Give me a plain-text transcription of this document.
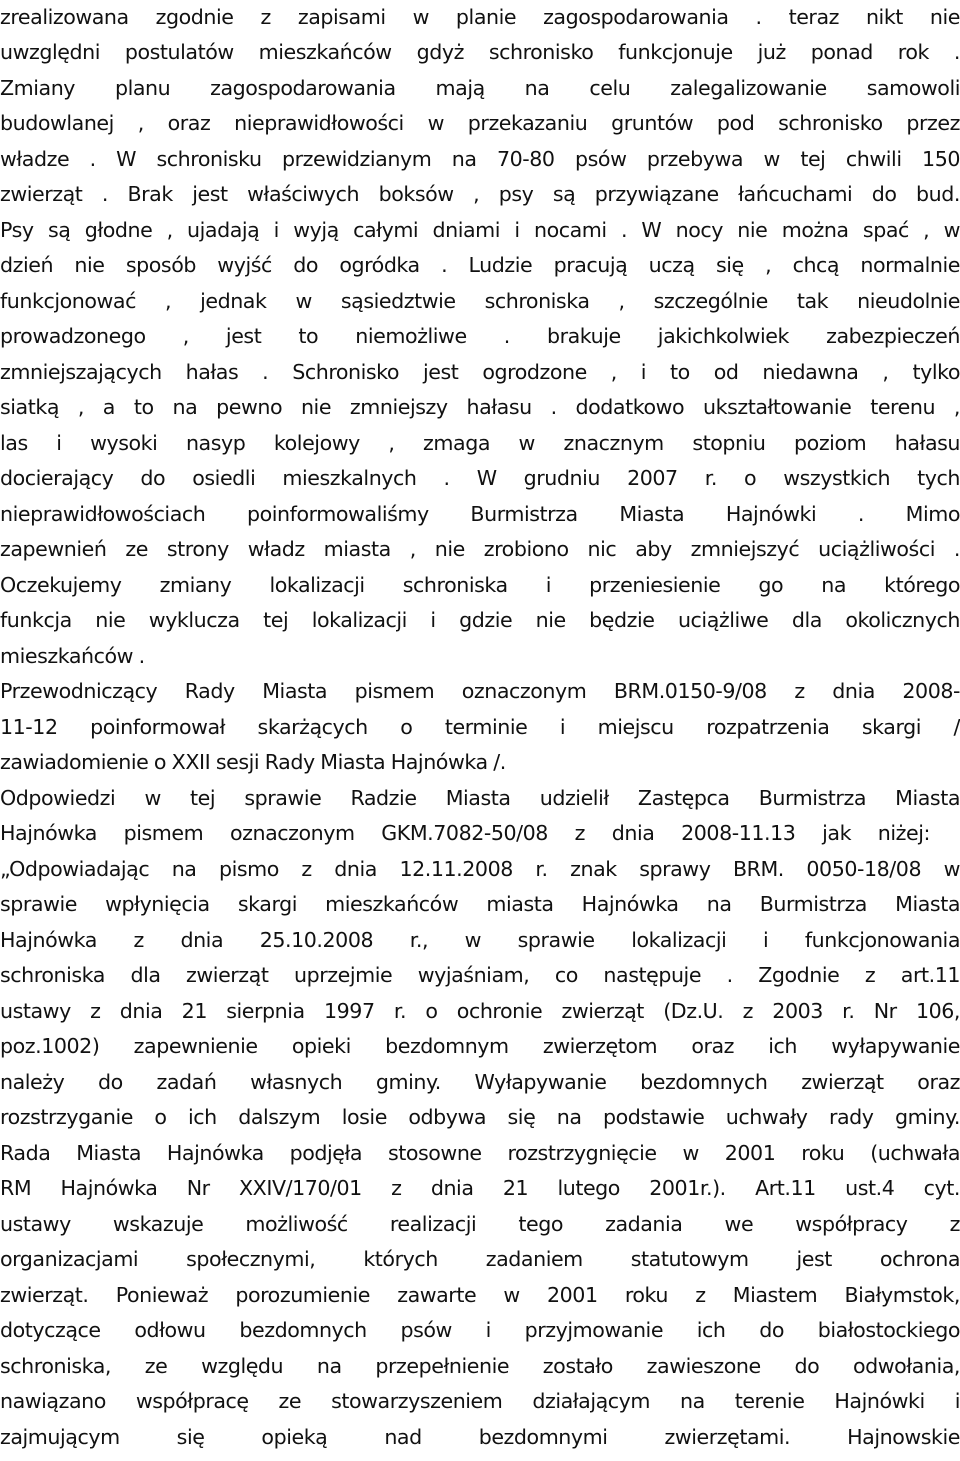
zrealizowana zgodnie z zapisami w planie zagospodarowania . teraz nikt nie
uwzględni postulatów mieszkańców gdyż schronisko funkcjonuje już ponad rok .
Zmiany planu zagospodarowania mają na celu zalegalizowanie samowoli
budowlanej , oraz nieprawidłowości w przekazaniu gruntów pod schronisko przez
władze . W schronisku przewidzianym na 70-80 psów przebywa w tej chwili 150
zwierząt . Brak jest właściwych boksów , psy są przywiązane łańcuchami do bud.
Psy są głodne , ujadają i wyją całymi dniami i nocami . W nocy nie można spać , w
dzień nie sposób wyjść do ogródka . Ludzie pracują uczą się , chcą normalnie
funkcjonować , jednak w sąsiedztwie schroniska , szczególnie tak nieudolnie
prowadzonego , jest to niemożliwe . brakuje jakichkolwiek zabezpieczeń
zmniejszających hałas . Schronisko jest ogrodzone , i to od niedawna , tylko
siatką , a to na pewno nie zmniejszy hałasu . dodatkowo ukształtowanie terenu ,
las i wysoki nasyp kolejowy , zmaga w znacznym stopniu poziom hałasu
docierający do osiedli mieszkalnych . W grudniu 2007 r. o wszystkich tych
nieprawidłowościach poinformowaliśmy Burmistrza Miasta Hajnówki . Mimo
zapewnień ze strony władz miasta , nie zrobiono nic aby zmniejszyć uciążliwości .
Oczekujemy zmiany lokalizacji schroniska i przeniesienie go na którego
funkcja nie wyklucza tej lokalizacji i gdzie nie będzie uciążliwe dla okolicznych
mieszkańców .
Przewodniczący Rady Miasta pismem oznaczonym BRM.0150-9/08 z dnia 2008-
11-12 poinformował skarżących o terminie i miejscu rozpatrzenia skargi /
zawiadomienie o XXII sesji Rady Miasta Hajnówka /.
Odpowiedzi w tej sprawie Radzie Miasta udzielił Zastępca Burmistrza Miasta
Hajnówka pismem oznaczonym GKM.7082-50/08 z dnia 2008-11.13 jak niżej:
„Odpowiadając na pismo z dnia 12.11.2008 r. znak sprawy BRM. 0050-18/08 w
sprawie wpłynięcia skargi mieszkańców miasta Hajnówka na Burmistrza Miasta
Hajnówka z dnia 25.10.2008 r., w sprawie lokalizacji i funkcjonowania
schroniska dla zwierząt uprzejmie wyjaśniam, co następuje . Zgodnie z art.11
ustawy z dnia 21 sierpnia 1997 r. o ochronie zwierząt (Dz.U. z 2003 r. Nr 106,
poz.1002) zapewnienie opieki bezdomnym zwierzętom oraz ich wyłapywanie
należy do zadań własnych gminy. Wyłapywanie bezdomnych zwierząt oraz
rozstrzyganie o ich dalszym losie odbywa się na podstawie uchwały rady gminy.
Rada Miasta Hajnówka podjęła stosowne rozstrzygnięcie w 2001 roku (uchwała
RM Hajnówka Nr XXIV/170/01 z dnia 21 lutego 2001r.). Art.11 ust.4 cyt.
ustawy wskazuje możliwość realizacji tego zadania we współpracy z
organizacjami społecznymi, których zadaniem statutowym jest ochrona
zwierząt. Ponieważ porozumienie zawarte w 2001 roku z Miastem Białymstok,
dotyczące odłowu bezdomnych psów i przyjmowanie ich do białostockiego
schroniska, ze względu na przepełnienie zostało zawieszone do odwołania,
nawiązano współpracę ze stowarzyszeniem działającym na terenie Hajnówki i
zajmującym się opieką nad bezdomnymi zwierzętami. Hajnowskie
